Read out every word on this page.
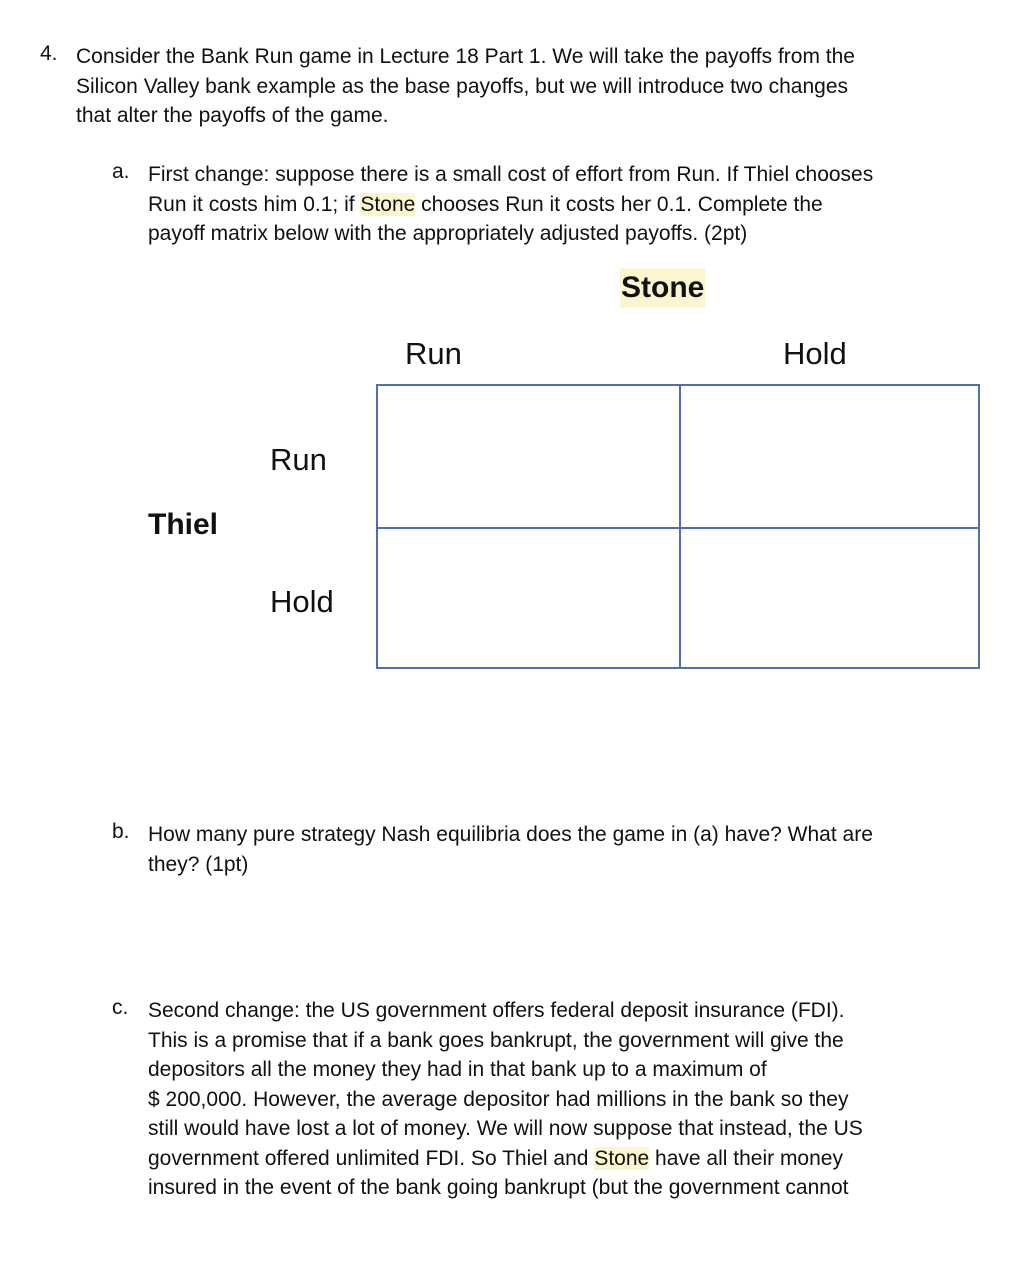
4. Consider the Bank Run game in Lecture 18 Part 1. We will take the payoffs from the
Silicon Valley bank example as the base payoffs, but we will introduce two changes
that alter the payoffs of the game.
a. First change: suppose there is a small cost of effort from Run. If Thiel chooses
Run it costs him 0.1; if Stone chooses Run it costs her 0.1. Complete the
payoff matrix below with the appropriately adjusted payoffs. (2pt)
Stone
Run	Hold
Run
Thiel
Hold
b. How many pure strategy Nash equilibria does the game in (a) have? What are
they? (1pt)
c. Second change: the US government offers federal deposit insurance (FDI).
This is a promise that if a bank goes bankrupt, the government will give the
depositors all the money they had in that bank up to a maximum of
$ 200,000. However, the average depositor had millions in the bank so they
still would have lost a lot of money. We will now suppose that instead, the US
government offered unlimited FDI. So Thiel and Stone have all their money
insured in the event of the bank going bankrupt (but the government cannot
